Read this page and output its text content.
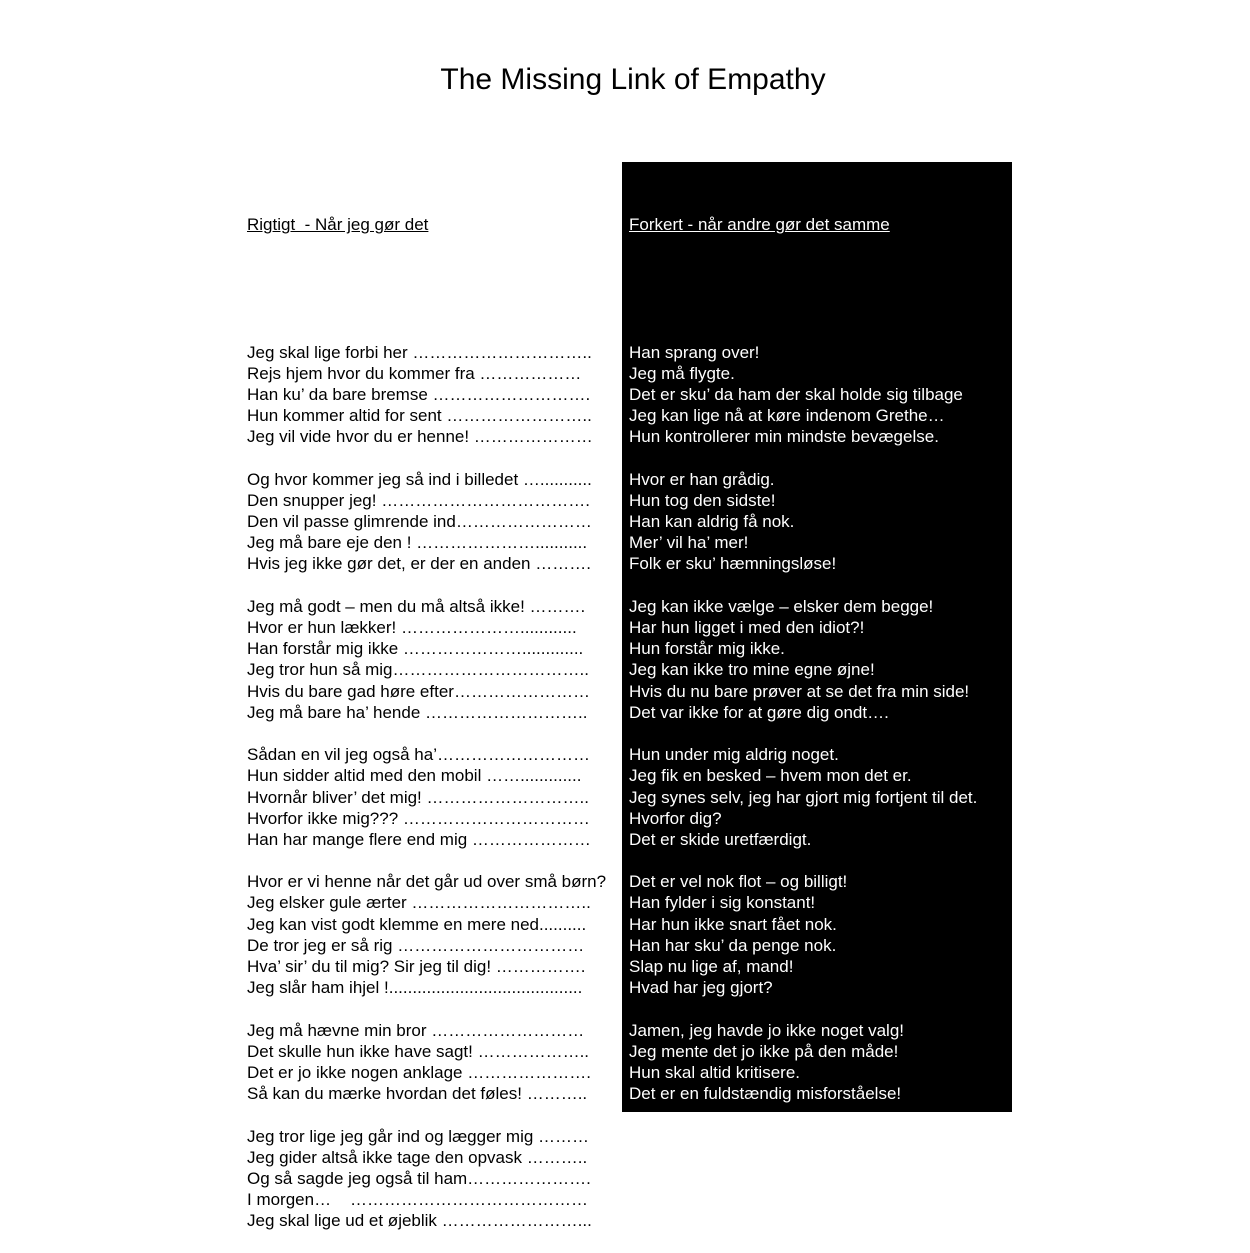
The Missing Link of Empathy

Rigtigt  - Når jeg gør det

Jeg skal lige forbi her …………………………..
Rejs hjem hvor du kommer fra ………………
Han ku’ da bare bremse ……………………….
Hun kommer altid for sent ……………………..
Jeg vil vide hvor du er henne! …………………
Og hvor kommer jeg så ind i billedet …...........
Den snupper jeg! ……………………………….
Den vil passe glimrende ind……………………
Jeg må bare eje den ! …………………...........
Hvis jeg ikke gør det, er der en anden ……….
Jeg må godt – men du må altså ikke! ……….
Hvor er hun lækker! …………………............
Han forstår mig ikke ………………….............
Jeg tror hun så mig……………………………..
Hvis du bare gad høre efter……………………
Jeg må bare ha’ hende ………………………..
Sådan en vil jeg også ha’………………………
Hun sidder altid med den mobil …….............
Hvornår bliver’ det mig! ………………………..
Hvorfor ikke mig??? ……………………………
Han har mange flere end mig …………………
Hvor er vi henne når det går ud over små børn?
Jeg elsker gule ærter …………………………..
Jeg kan vist godt klemme en mere ned..........
De tror jeg er så rig ……………………………
Hva’ sir’ du til mig? Sir jeg til dig! …………….
Jeg slår ham ihjel !.........................................
Jeg må hævne min bror ………………………
Det skulle hun ikke have sagt! ………………..
Det er jo ikke nogen anklage ………………….
Så kan du mærke hvordan det føles! ………..
Jeg tror lige jeg går ind og lægger mig ………
Jeg gider altså ikke tage den opvask ………..
Og så sagde jeg også til ham………………….
I morgen…    ……………………………………
Jeg skal lige ud et øjeblik ……………………...

Forkert - når andre gør det samme

Han sprang over!
Jeg må flygte.
Det er sku’ da ham der skal holde sig tilbage
Jeg kan lige nå at køre indenom Grethe…
Hun kontrollerer min mindste bevægelse.
Hvor er han grådig.
Hun tog den sidste!
Han kan aldrig få nok.
Mer’ vil ha’ mer!
Folk er sku’ hæmningsløse!
Jeg kan ikke vælge – elsker dem begge!
Har hun ligget i med den idiot?!
Hun forstår mig ikke.
Jeg kan ikke tro mine egne øjne!
Hvis du nu bare prøver at se det fra min side!
Det var ikke for at gøre dig ondt….
Hun under mig aldrig noget.
Jeg fik en besked – hvem mon det er.
Jeg synes selv, jeg har gjort mig fortjent til det.
Hvorfor dig?
Det er skide uretfærdigt.
Det er vel nok flot – og billigt!
Han fylder i sig konstant!
Har hun ikke snart fået nok.
Han har sku’ da penge nok.
Slap nu lige af, mand!
Hvad har jeg gjort?
Jamen, jeg havde jo ikke noget valg!
Jeg mente det jo ikke på den måde!
Hun skal altid kritisere.
Det er en fuldstændig misforståelse!
Hvorfor rydder han aldrig op efter sig.
Hvorfor skal det altid være lige nu.
Hun snakker fanden et øre af.
Det sagde du også i går.
Hun holder pause hele tiden.
